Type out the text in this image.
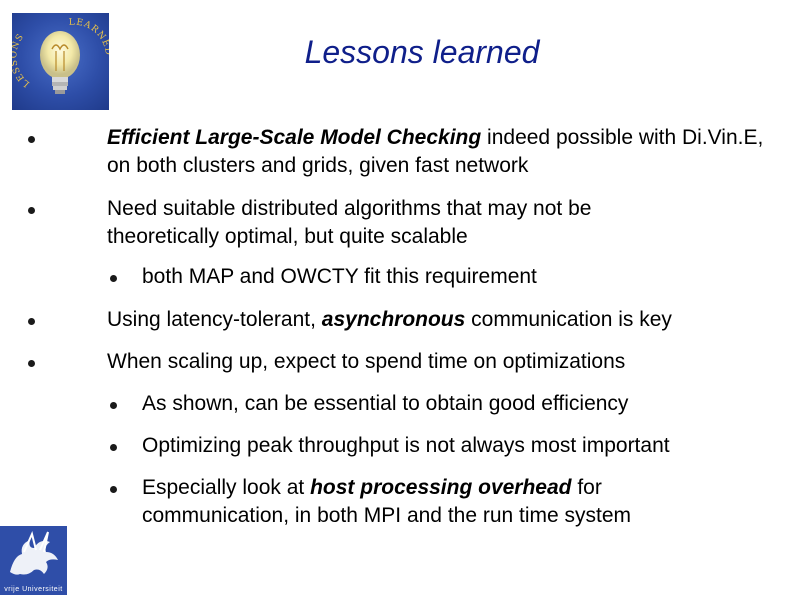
LES S
LEARN	Lessons learned
Efficient Large-Scale Model Checking indeed possible with Di.Vin.E, on both clusters and grids, given fast network
Need suitable distributed algorithms that may not be theoretically optimal, but quite scalable
both MAP and OWCTY fit this requirement
Using latency-tolerant, asynchronous communication is key
When scaling up, expect to spend time on optimizations
As shown, can be essential to obtain good efficiency
Optimizing peak throughput is not always most important
Especially look at host processing overhead for communication, in both MPI and the run time system
vrije Universiteit
